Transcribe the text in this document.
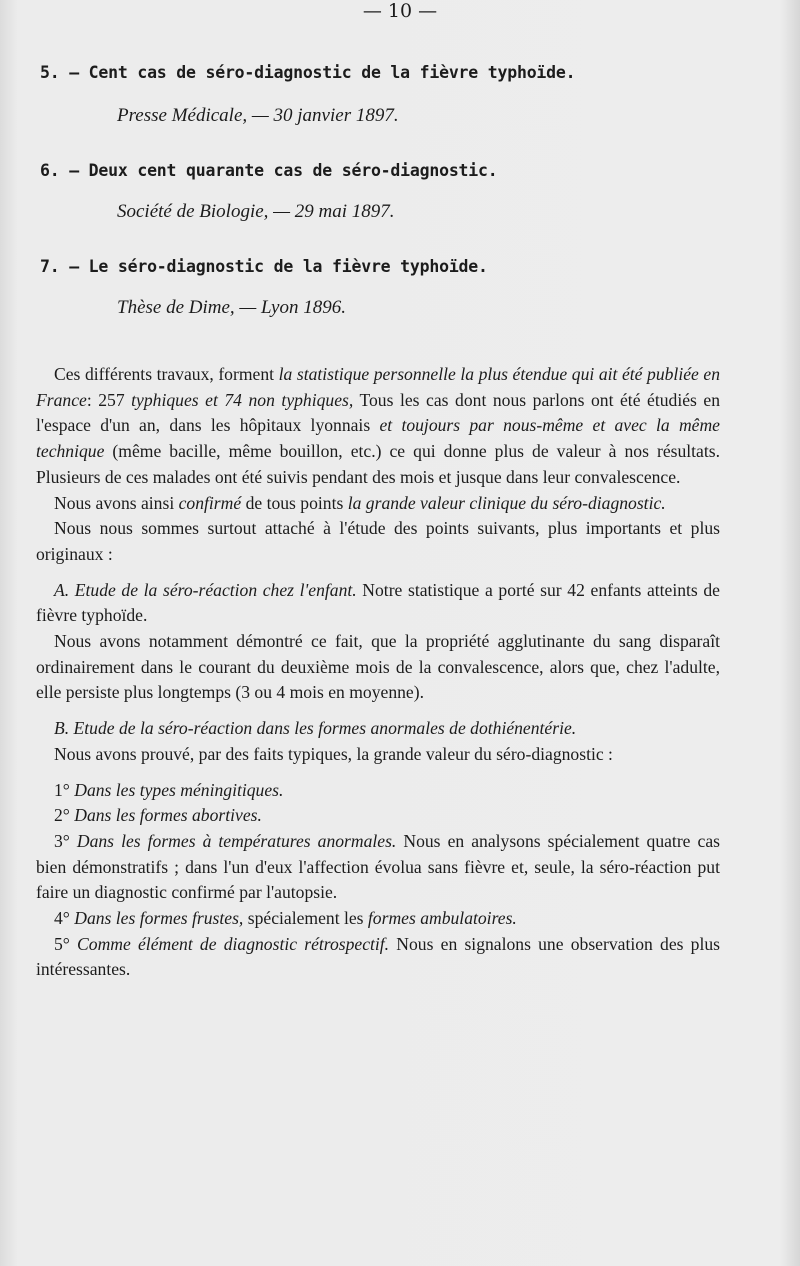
— 10 —
5. — Cent cas de séro-diagnostic de la fièvre typhoïde.
Presse Médicale, — 30 janvier 1897.
6. — Deux cent quarante cas de séro-diagnostic.
Société de Biologie, — 29 mai 1897.
7. — Le séro-diagnostic de la fièvre typhoïde.
Thèse de Dime, — Lyon 1896.

Ces différents travaux, forment la statistique personnelle la plus étendue qui ait été publiée en France: 257 typhiques et 74 non typhiques, Tous les cas dont nous parlons ont été étudiés en l'espace d'un an, dans les hôpitaux lyonnais et toujours par nous-même et avec la même technique (même bacille, même bouillon, etc.) ce qui donne plus de valeur à nos résultats. Plusieurs de ces malades ont été suivis pendant des mois et jusque dans leur convalescence.

Nous avons ainsi confirmé de tous points la grande valeur clinique du séro-diagnostic.

Nous nous sommes surtout attaché à l'étude des points suivants, plus importants et plus originaux :

A. Etude de la séro-réaction chez l'enfant. Notre statistique a porté sur 42 enfants atteints de fièvre typhoïde.

Nous avons notamment démontré ce fait, que la propriété agglutinante du sang disparaît ordinairement dans le courant du deuxième mois de la convalescence, alors que, chez l'adulte, elle persiste plus longtemps (3 ou 4 mois en moyenne).

B. Etude de la séro-réaction dans les formes anormales de dothiénentérie.

Nous avons prouvé, par des faits typiques, la grande valeur du séro-diagnostic :

1° Dans les types méningitiques.

2° Dans les formes abortives.

3° Dans les formes à températures anormales. Nous en analysons spécialement quatre cas bien démonstratifs ; dans l'un d'eux l'affection évolua sans fièvre et, seule, la séro-réaction put faire un diagnostic confirmé par l'autopsie.

4° Dans les formes frustes, spécialement les formes ambulatoires.

5° Comme élément de diagnostic rétrospectif. Nous en signalons une observation des plus intéressantes.
